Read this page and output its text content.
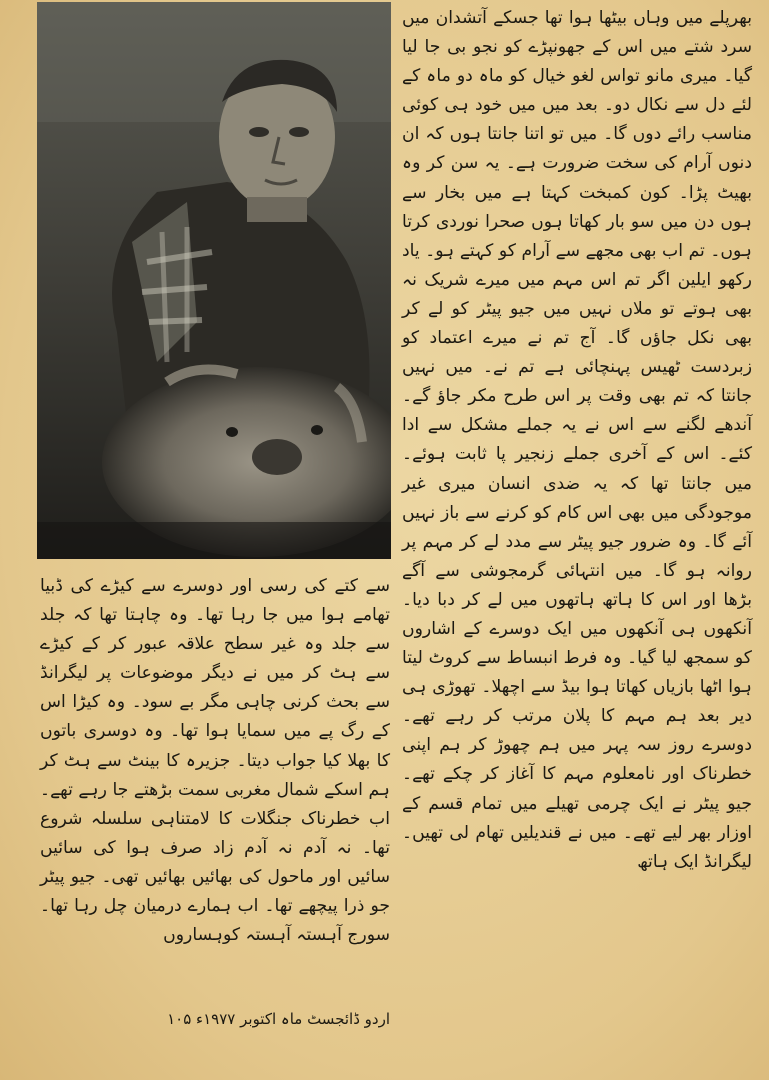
بھرپلے میں وہاں بیٹھا ہوا تھا جسکے آتشدان میں سرد شتے میں اس کے جھونپڑے کو نجو بی جا لیا گیا۔ میری مانو تواس لغو خیال کو ماہ دو ماہ کے لئے دل سے نکال دو۔ بعد میں میں خود ہی کوئی مناسب رائے دوں گا۔ میں تو اتنا جانتا ہوں کہ ان دنوں آرام کی سخت ضرورت ہے۔ یہ سن کر وہ بھیٹ پڑا۔ کون کمبخت کہتا ہے میں بخار سے ہوں دن میں سو بار کھاتا ہوں صحرا نوردی کرتا ہوں۔ تم اب بھی مجھے سے آرام کو کہتے ہو۔ یاد رکھو ایلین اگر تم اس مہم میں میرے شریک نہ بھی ہوتے تو ملاں نہیں میں جیو پیٹر کو لے کر بھی نکل جاؤں گا۔ آج تم نے میرے اعتماد کو زبردست ٹھیس پہنچائی ہے تم نے۔ میں نہیں جانتا کہ تم بھی وقت پر اس طرح مکر جاؤ گے۔ آندھے لگنے سے اس نے یہ جملے مشکل سے ادا کئے۔ اس کے آخری جملے زنجیر پا ثابت ہوئے۔ میں جانتا تھا کہ یہ ضدی انسان میری غیر موجودگی میں بھی اس کام کو کرنے سے باز نہیں آئے گا۔ وہ ضرور جیو پیٹر سے مدد لے کر مہم پر روانہ ہو گا۔ میں انتہائی گرمجوشی سے آگے بڑھا اور اس کا ہاتھ ہاتھوں میں لے کر دبا دیا۔ آنکھوں ہی آنکھوں میں ایک دوسرے کے اشاروں کو سمجھ لیا گیا۔ وہ فرط انبساط سے کروٹ لیتا ہوا اٹھا بازیاں کھاتا ہوا بیڈ سے اچھلا۔ تھوڑی ہی دیر بعد ہم مہم کا پلان مرتب کر رہے تھے۔ دوسرے روز سہ پہر میں ہم چھوڑ کر ہم اپنی خطرناک اور نامعلوم مہم کا آغاز کر چکے تھے۔ جیو پیٹر نے ایک چرمی تھیلے میں تمام قسم کے اوزار بھر لیے تھے۔ میں نے قندیلیں تھام لی تھیں۔ لیگرانڈ ایک ہاتھ

سے کتے کی رسی اور دوسرے سے کیڑے کی ڈبیا تھامے ہوا میں جا رہا تھا۔ وہ چاہتا تھا کہ جلد سے جلد وہ غیر سطح علاقہ عبور کر کے کیڑے سے ہٹ کر میں نے دیگر موضوعات پر لیگرانڈ سے بحث کرنی چاہی مگر بے سود۔ وہ کیڑا اس کے رگ پے میں سمایا ہوا تھا۔ وہ دوسری باتوں کا بھلا کیا جواب دیتا۔ جزیرہ کا بینٹ سے ہٹ کر ہم اسکے شمال مغربی سمت بڑھتے جا رہے تھے۔ اب خطرناک جنگلات کا لامتناہی سلسلہ شروع تھا۔ نہ آدم نہ آدم زاد صرف ہوا کی سائیں سائیں اور ماحول کی بھائیں بھائیں تھی۔ جیو پیٹر جو ذرا پیچھے تھا۔ اب ہمارے درمیان چل رہا تھا۔ سورج آہستہ آہستہ کوہساروں

اردو ڈائجسٹ ماہ اکتوبر ۱۹۷۷ء ۱۰۵
